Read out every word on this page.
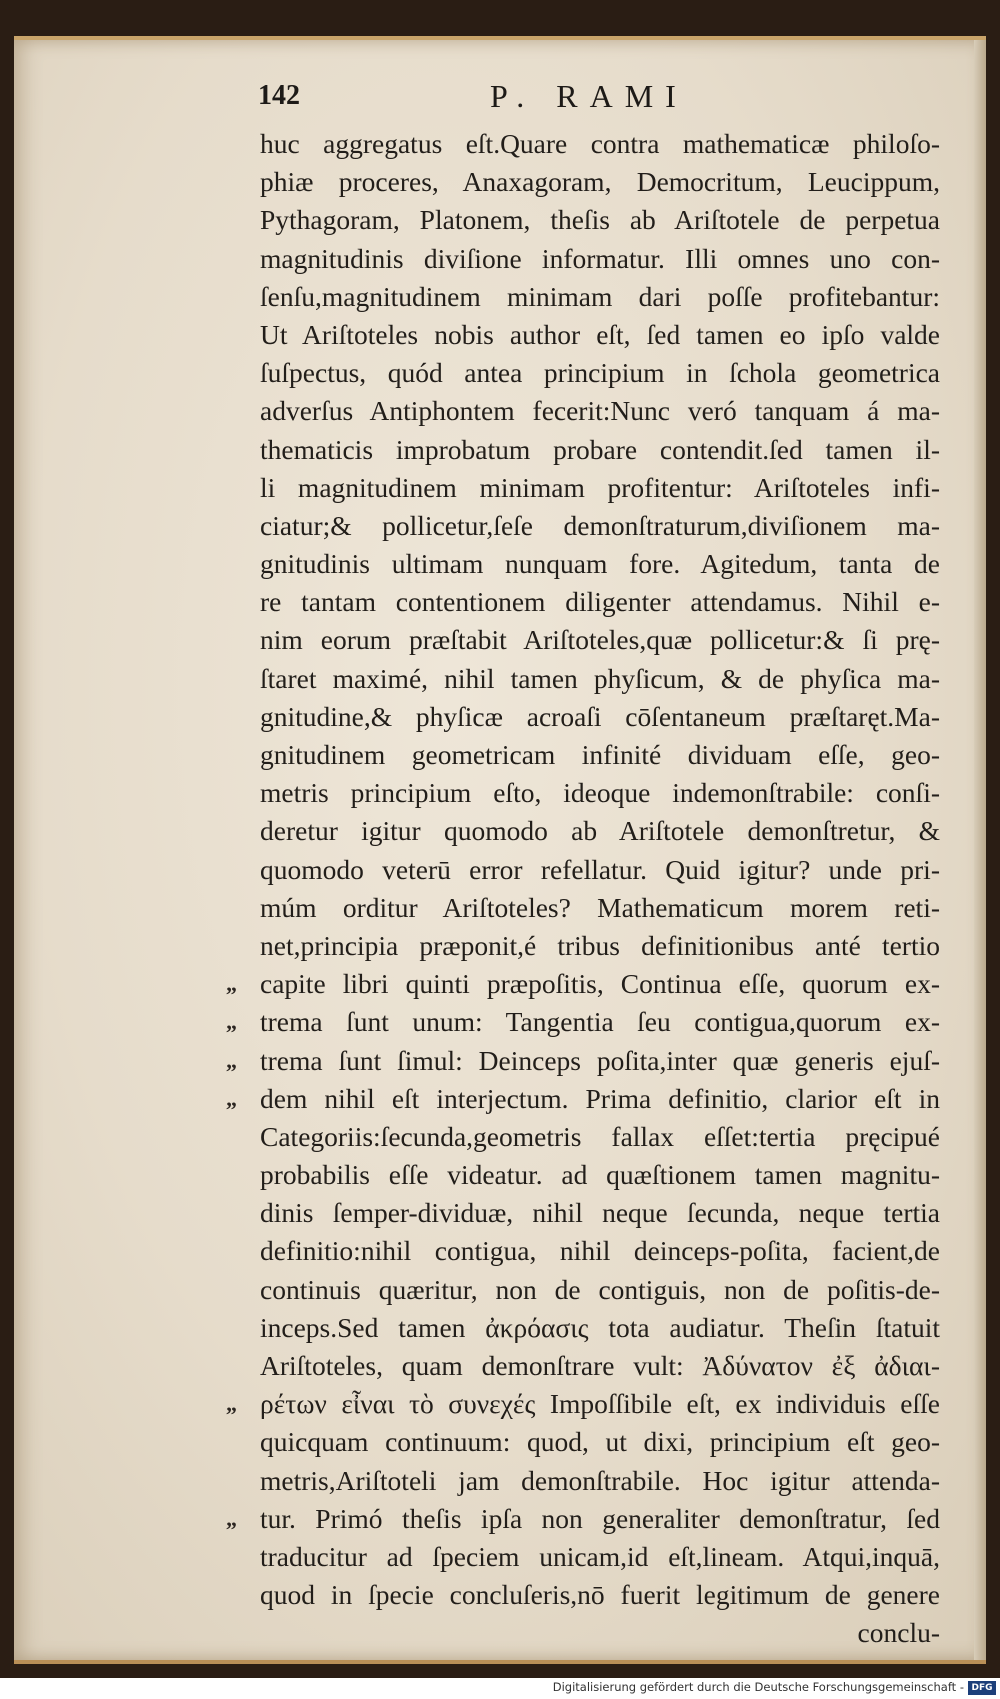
142	P. RAMI
huc aggregatus eſt.Quare contra mathematicæ philoſo-
phiæ proceres, Anaxagoram, Democritum, Leucippum,
Pythagoram, Platonem, theſis ab Ariſtotele de perpetua
magnitudinis diviſione informatur. Illi omnes uno con-
ſenſu,magnitudinem minimam dari poſſe profitebantur:
Ut Ariſtoteles nobis author eſt, ſed tamen eo ipſo valde
ſuſpectus, quód antea principium in ſchola geometrica
adverſus Antiphontem fecerit:Nunc veró tanquam á ma-
thematicis improbatum probare contendit.ſed tamen il-
li magnitudinem minimam profitentur: Ariſtoteles infi-
ciatur;& pollicetur,ſeſe demonſtraturum,diviſionem ma-
gnitudinis ultimam nunquam fore. Agitedum, tanta de
re tantam contentionem diligenter attendamus. Nihil e-
nim eorum præſtabit Ariſtoteles,quæ pollicetur:& ſi prę-
ſtaret maximé, nihil tamen phyſicum, & de phyſica ma-
gnitudine,& phyſicæ acroaſi cōſentaneum præſtaręt.Ma-
gnitudinem geometricam infinité dividuam eſſe, geo-
metris principium eſto, ideoque indemonſtrabile: conſi-
deretur igitur quomodo ab Ariſtotele demonſtretur, &
quomodo veterū error refellatur. Quid igitur? unde pri-
múm orditur Ariſtoteles? Mathematicum morem reti-
net,principia præponit,é tribus definitionibus anté tertio
„ capite libri quinti præpoſitis, Continua eſſe, quorum ex-
„ trema ſunt unum: Tangentia ſeu contigua,quorum ex-
„ trema ſunt ſimul: Deinceps poſita,inter quæ generis ejuſ-
„ dem nihil eſt interjectum. Prima definitio, clarior eſt in
Categoriis:ſecunda,geometris fallax eſſet:tertia pręcipué
probabilis eſſe videatur. ad quæſtionem tamen magnitu-
dinis ſemper-dividuæ, nihil neque ſecunda, neque tertia
definitio:nihil contigua, nihil deinceps-poſita, facient,de
continuis quæritur, non de contiguis, non de poſitis-de-
inceps.Sed tamen ἀκρόασις tota audiatur. Theſin ſtatuit
Ariſtoteles, quam demonſtrare vult: Ἀδύνατον ἐξ ἀδιαι-
„ ρέτων εἶναι τὸ συνεχές Impoſſibile eſt, ex individuis eſſe
quicquam continuum: quod, ut dixi, principium eſt geo-
metris,Ariſtoteli jam demonſtrabile. Hoc igitur attenda-
„ tur. Primó theſis ipſa non generaliter demonſtratur, ſed
traducitur ad ſpeciem unicam,id eſt,lineam. Atqui,inquā,
quod in ſpecie concluſeris,nō fuerit legitimum de genere
conclu-
Digitalisierung gefördert durch die Deutsche Forschungsgemeinschaft - DFG
